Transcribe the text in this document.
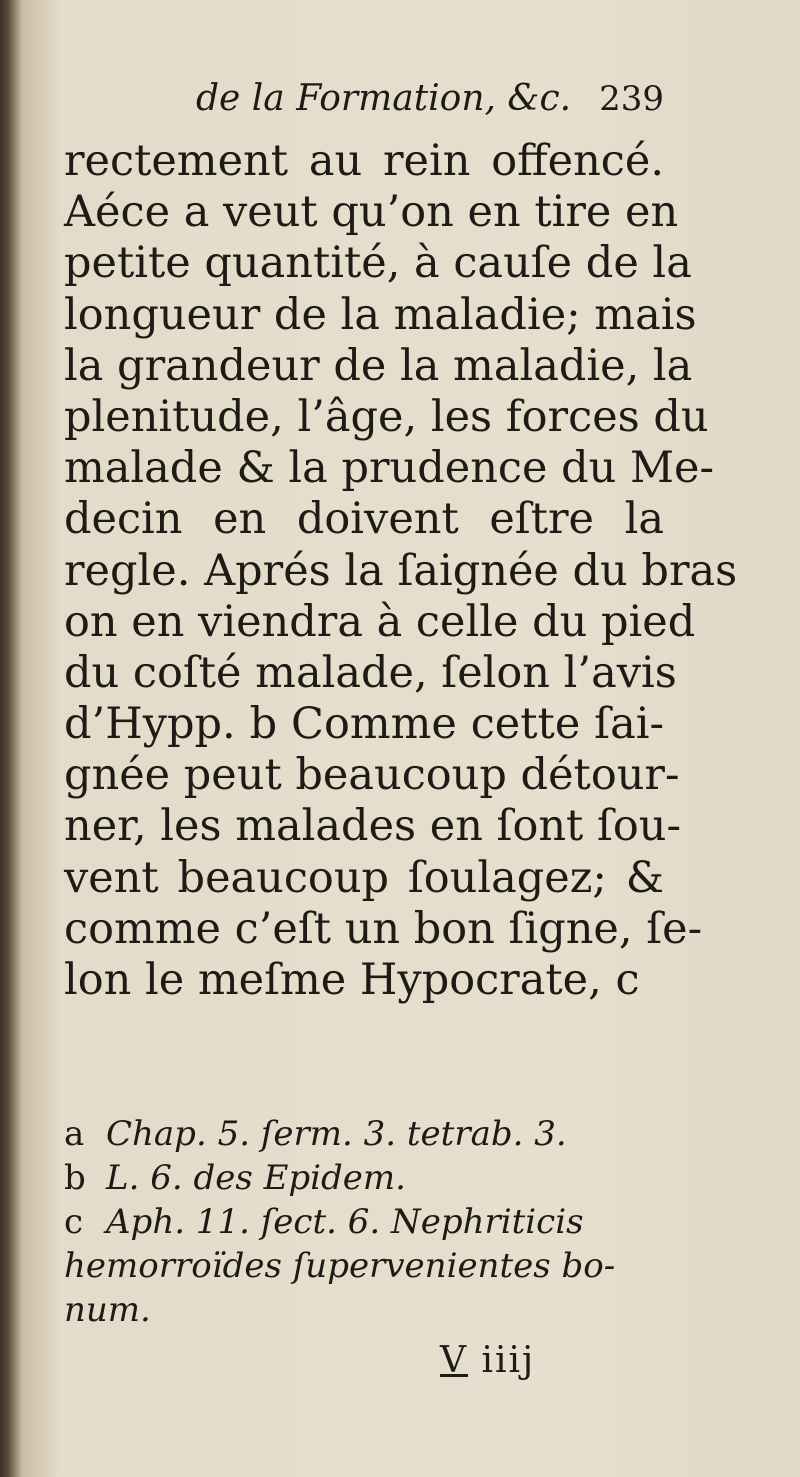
de la Formation, &c. 239
rectement au rein offencé.
Aéce a veut qu’on en tire en
petite quantité, à cauſe de la
longueur de la maladie; mais
la grandeur de la maladie, la
plenitude, l’âge, les forces du
malade & la prudence du Me-
decin en doivent eſtre la
regle. Aprés la ſaignée du bras
on en viendra à celle du pied
du coſté malade, ſelon l’avis
d’Hypp. b Comme cette ſai-
gnée peut beaucoup détour-
ner, les malades en ſont ſou-
vent beaucoup ſoulagez; &
comme c’eſt un bon ſigne, ſe-
lon le meſme Hypocrate, c
a Chap. 5. ſerm. 3. tetrab. 3.
b L. 6. des Epidem.
c Aph. 11. ſect. 6. Nephriticis
hemorroïdes ſupervenientes bo-
num.
V iiij
